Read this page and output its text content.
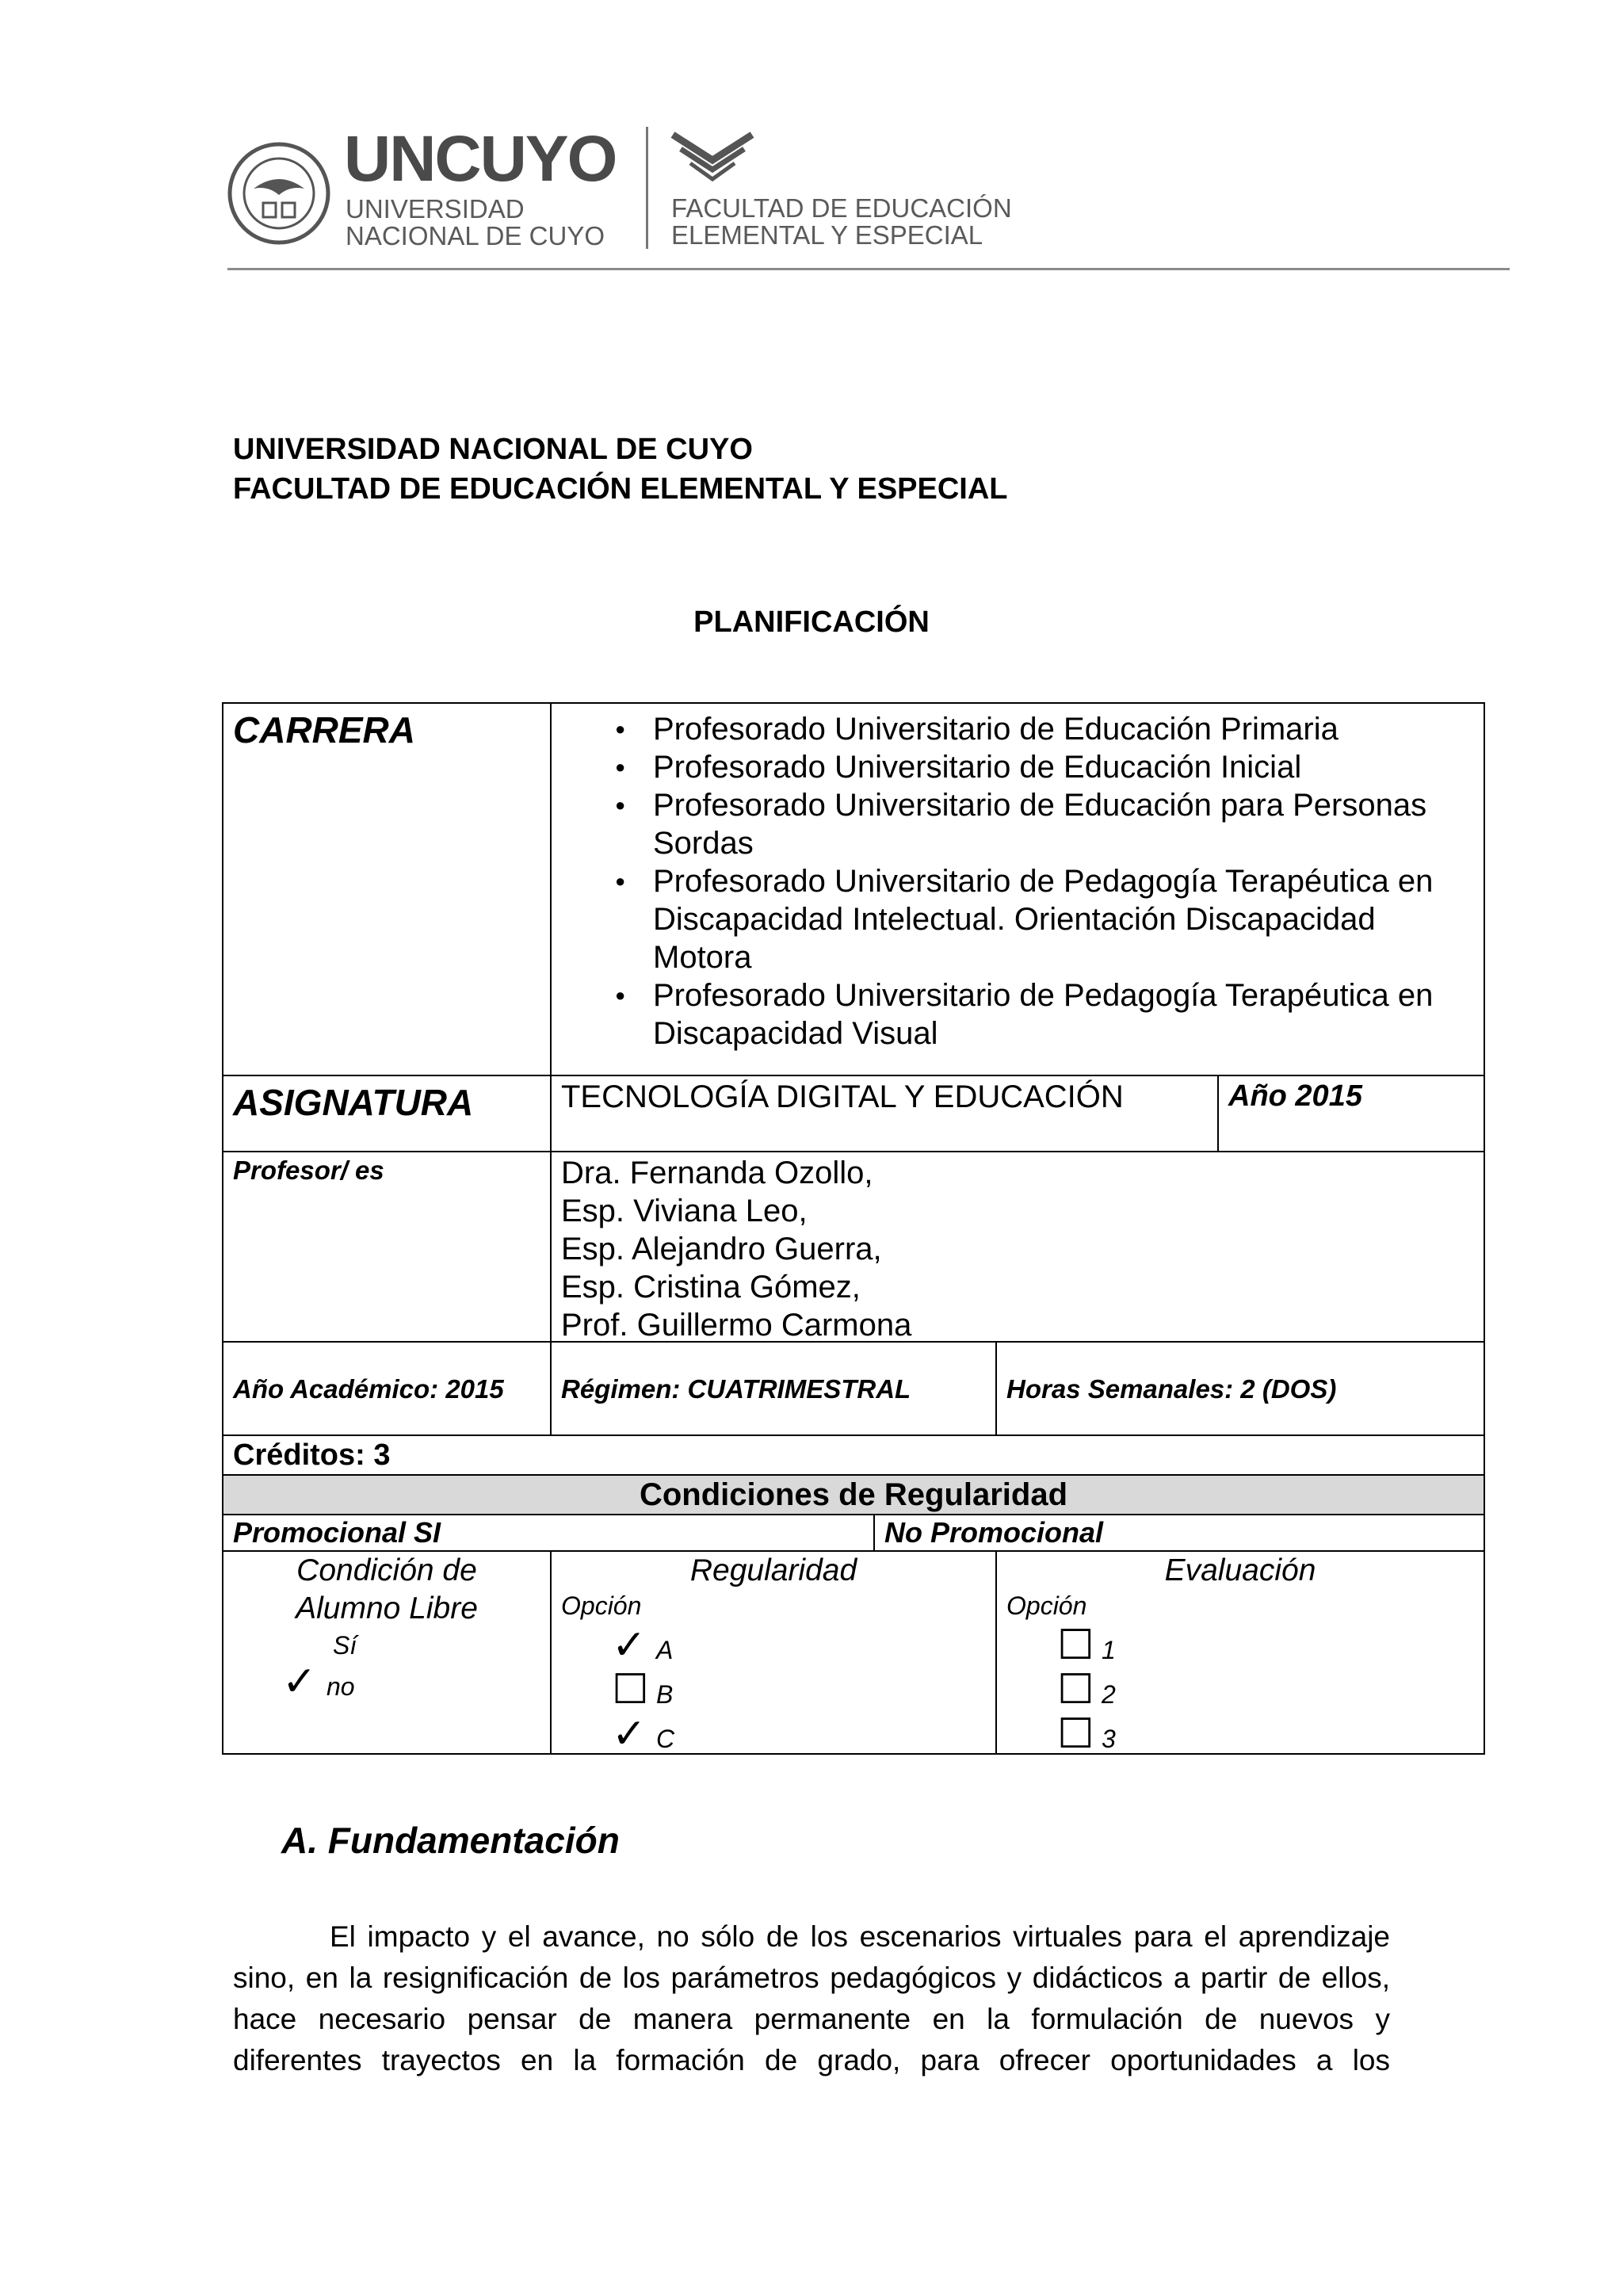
UNCUYO
UNIVERSIDAD
NACIONAL DE CUYO
FACULTAD DE EDUCACIÓN
ELEMENTAL Y ESPECIAL
UNIVERSIDAD NACIONAL DE CUYO
FACULTAD DE EDUCACIÓN ELEMENTAL Y ESPECIAL
PLANIFICACIÓN
CARRERA
●	Profesorado Universitario de Educación Primaria
● Profesorado Universitario de Educación Inicial
● Profesorado Universitario de Educación para Personas Sordas
● Profesorado Universitario de Pedagogía Terapéutica en Discapacidad Intelectual. Orientación Discapacidad Motora
● Profesorado Universitario de Pedagogía Terapéutica en Discapacidad Visual
ASIGNATURA	TECNOLOGÍA DIGITAL Y EDUCACIÓN	Año 2015
Profesor/ es	Dra. Fernanda Ozollo,
Esp. Viviana Leo,
Esp. Alejandro Guerra,
Esp. Cristina Gómez,
Prof. Guillermo Carmona
Año Académico: 2015	Régimen: CUATRIMESTRAL	Horas Semanales: 2 (DOS)
Créditos: 3
Condiciones de Regularidad
Promocional SI	No Promocional
Condición de
Alumno Libre
Sí
✓ no
Regularidad
Opción
✓ A
☐ B
✓ C
Evaluación
Opción
☐ 1
☐ 2
☐ 3
A. Fundamentación
El impacto y el avance, no sólo de los escenarios virtuales para el aprendizaje
sino, en la resignificación de los parámetros pedagógicos y didácticos a partir de ellos,
hace necesario pensar de manera permanente en la formulación de nuevos y
diferentes trayectos en la formación de grado, para ofrecer oportunidades a los
